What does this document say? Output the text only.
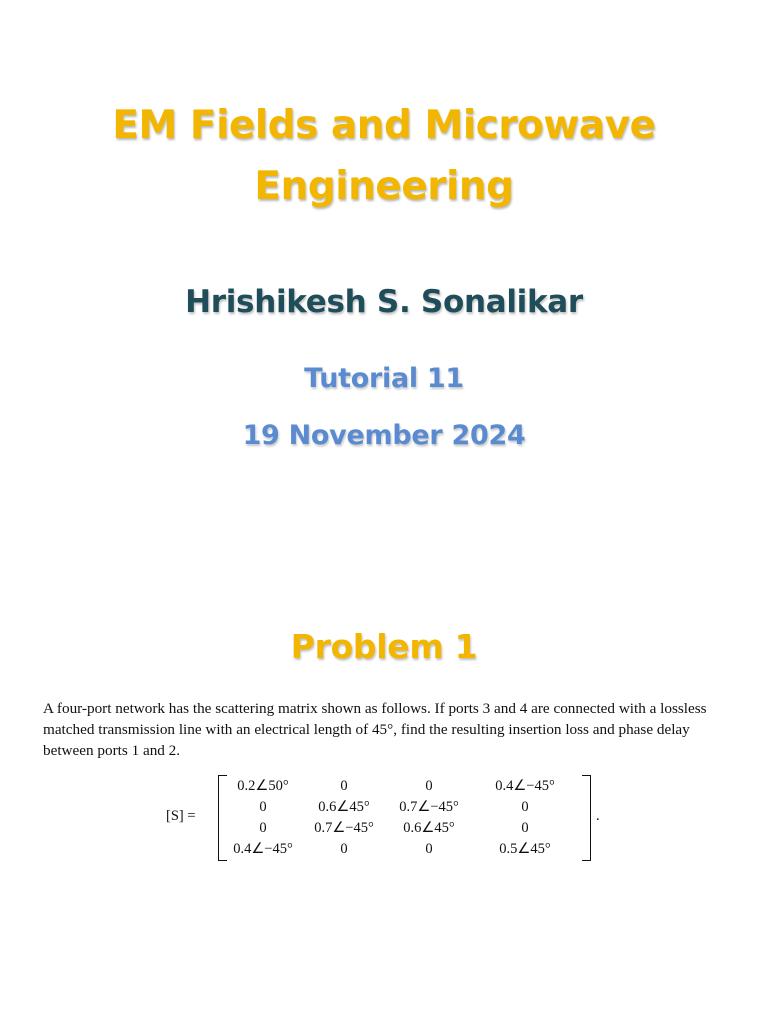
EM Fields and Microwave
Engineering
Hrishikesh S. Sonalikar
Tutorial 11
19 November 2024
Problem 1
A four-port network has the scattering matrix shown as follows. If ports 3 and 4 are connected with a lossless matched transmission line with an electrical length of 45°, find the resulting insertion loss and phase delay between ports 1 and 2.
[S] =
0.2∠50°	0	0	0.4∠−45°
0	0.6∠45°	0.7∠−45°	0
0	0.7∠−45°	0.6∠45°	0
0.4∠−45°	0	0	0.5∠45°
.
